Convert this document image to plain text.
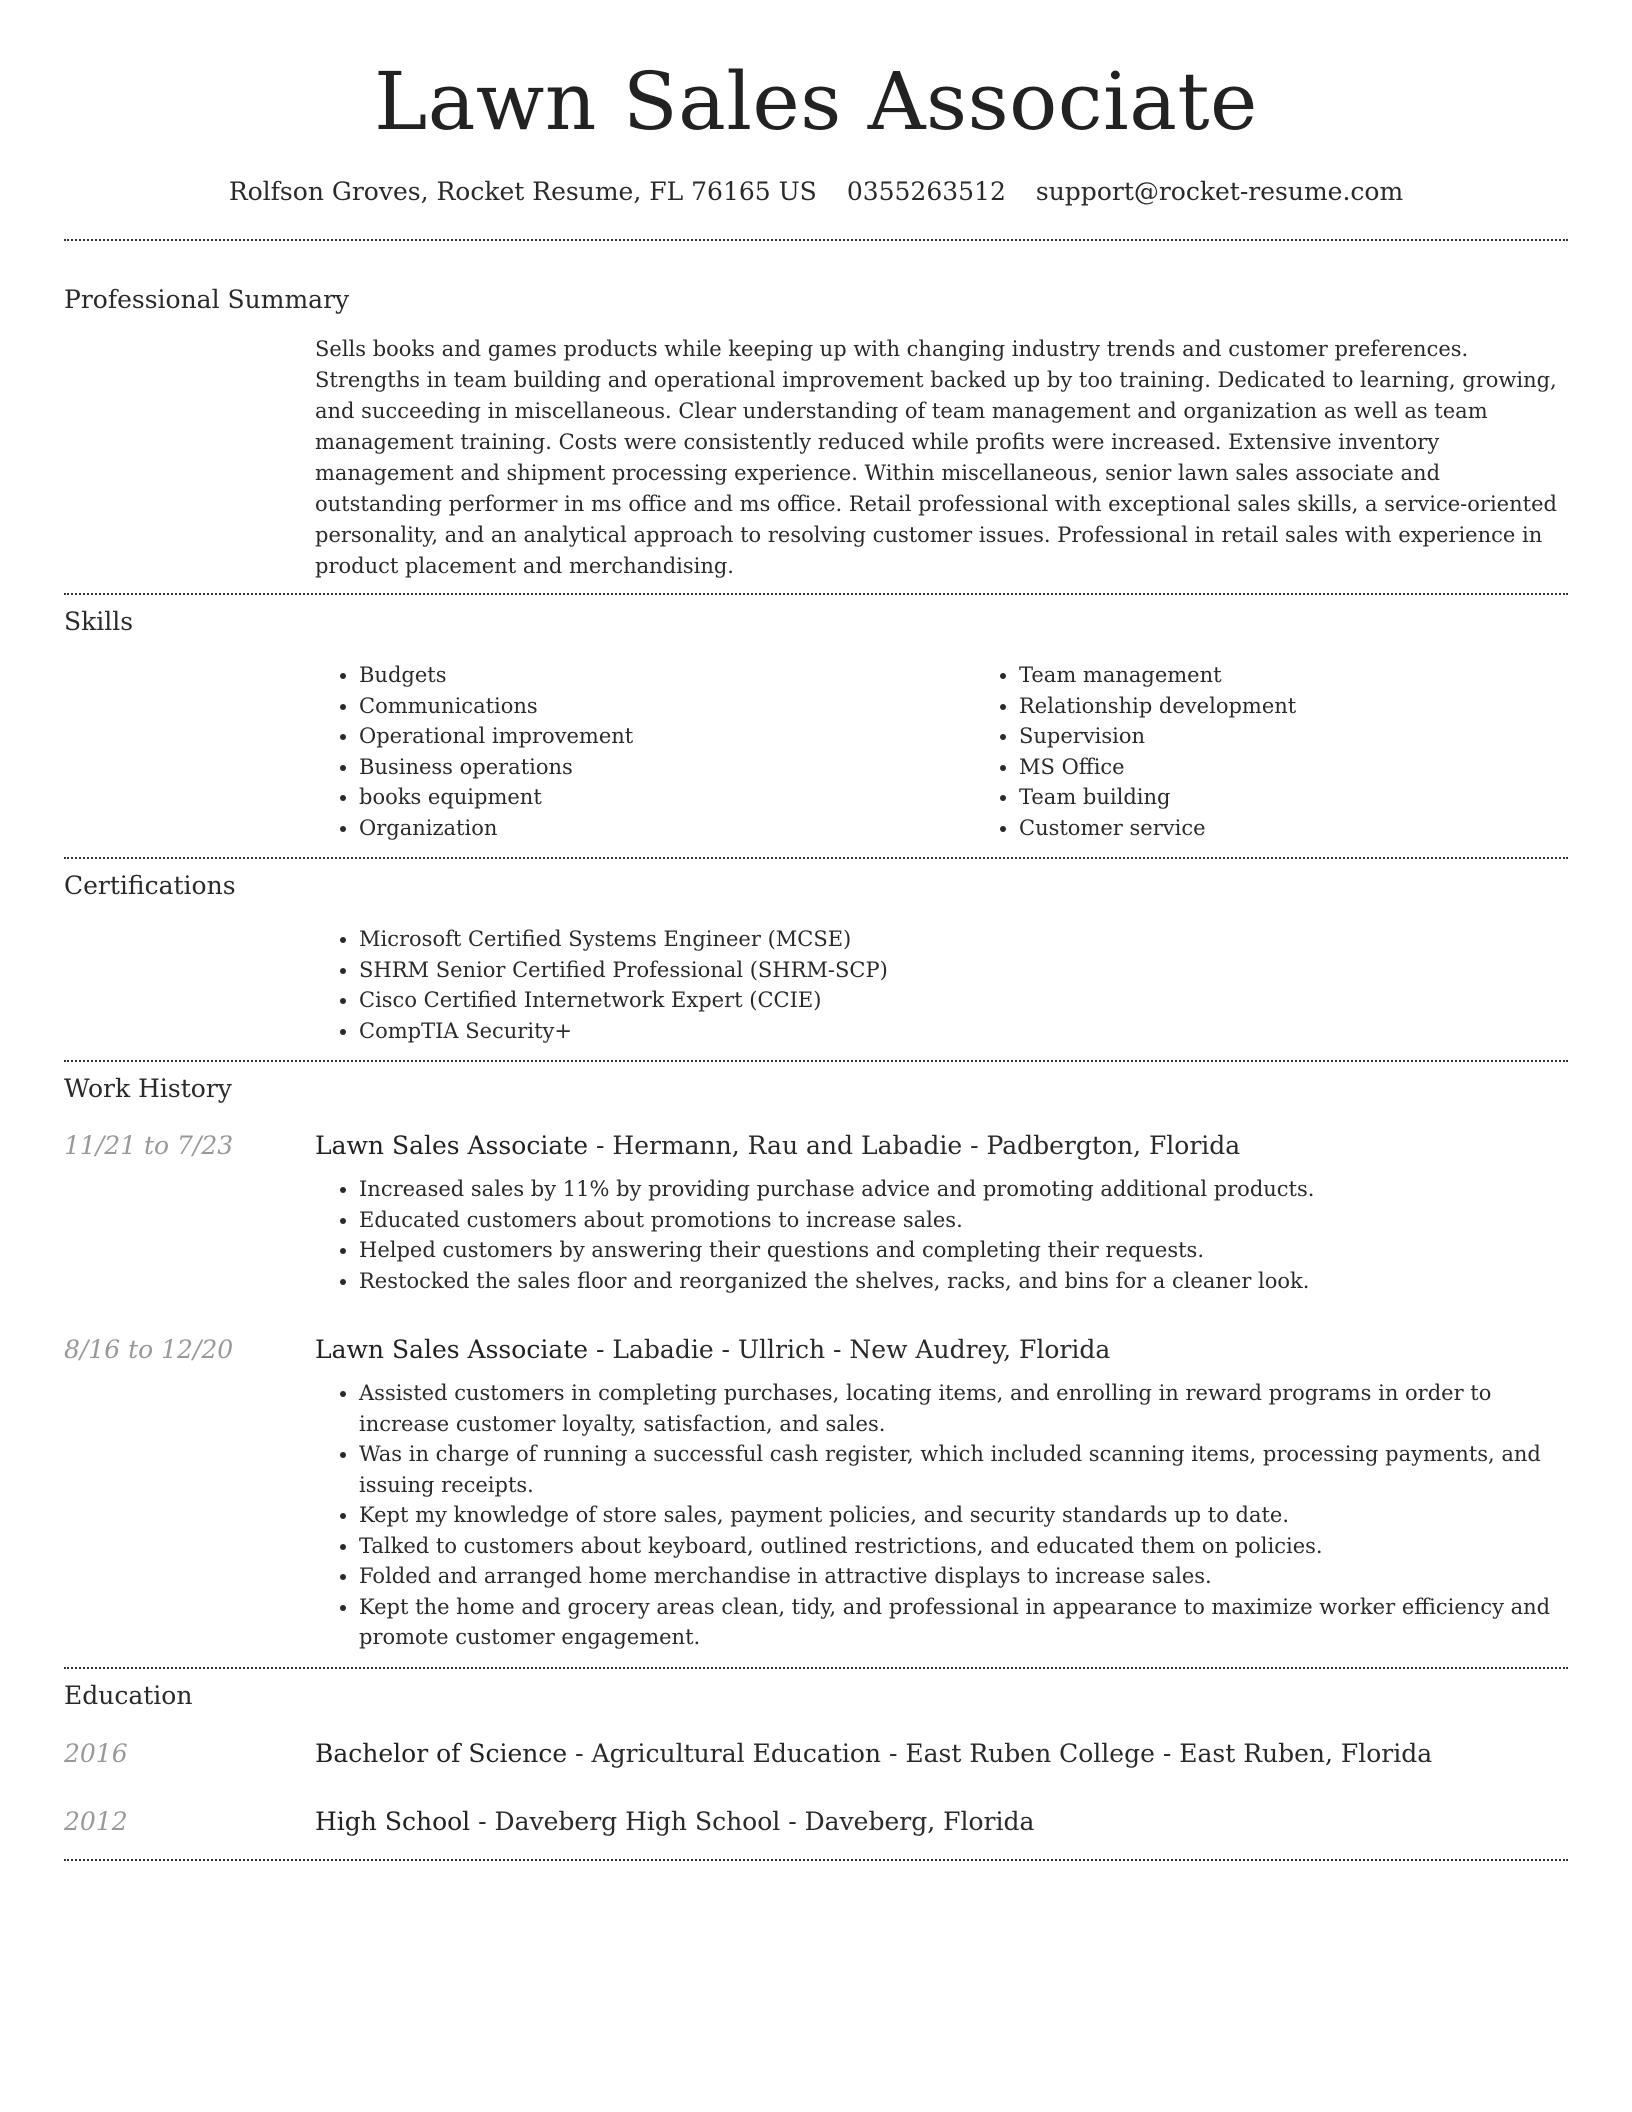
Lawn Sales Associate
Rolfson Groves, Rocket Resume, FL 76165 US 0355263512 support@rocket-resume.com
Professional Summary
Sells books and games products while keeping up with changing industry trends and customer preferences. Strengths in team building and operational improvement backed up by too training. Dedicated to learning, growing, and succeeding in miscellaneous. Clear understanding of team management and organization as well as team management training. Costs were consistently reduced while profits were increased. Extensive inventory management and shipment processing experience. Within miscellaneous, senior lawn sales associate and outstanding performer in ms office and ms office. Retail professional with exceptional sales skills, a service-oriented personality, and an analytical approach to resolving customer issues. Professional in retail sales with experience in product placement and merchandising.
Skills
• Budgets
• Communications
• Operational improvement
• Business operations
• books equipment
• Organization
• Team management
• Relationship development
• Supervision
• MS Office
• Team building
• Customer service
Certifications
• Microsoft Certified Systems Engineer (MCSE)
• SHRM Senior Certified Professional (SHRM-SCP)
• Cisco Certified Internetwork Expert (CCIE)
• CompTIA Security+
Work History
11/21 to 7/23	Lawn Sales Associate - Hermann, Rau and Labadie - Padbergton, Florida
• Increased sales by 11% by providing purchase advice and promoting additional products.
• Educated customers about promotions to increase sales.
• Helped customers by answering their questions and completing their requests.
• Restocked the sales floor and reorganized the shelves, racks, and bins for a cleaner look.
8/16 to 12/20	Lawn Sales Associate - Labadie - Ullrich - New Audrey, Florida
• Assisted customers in completing purchases, locating items, and enrolling in reward programs in order to increase customer loyalty, satisfaction, and sales.
• Was in charge of running a successful cash register, which included scanning items, processing payments, and issuing receipts.
• Kept my knowledge of store sales, payment policies, and security standards up to date.
• Talked to customers about keyboard, outlined restrictions, and educated them on policies.
• Folded and arranged home merchandise in attractive displays to increase sales.
• Kept the home and grocery areas clean, tidy, and professional in appearance to maximize worker efficiency and promote customer engagement.
Education
2016	Bachelor of Science - Agricultural Education - East Ruben College - East Ruben, Florida
2012	High School - Daveberg High School - Daveberg, Florida
